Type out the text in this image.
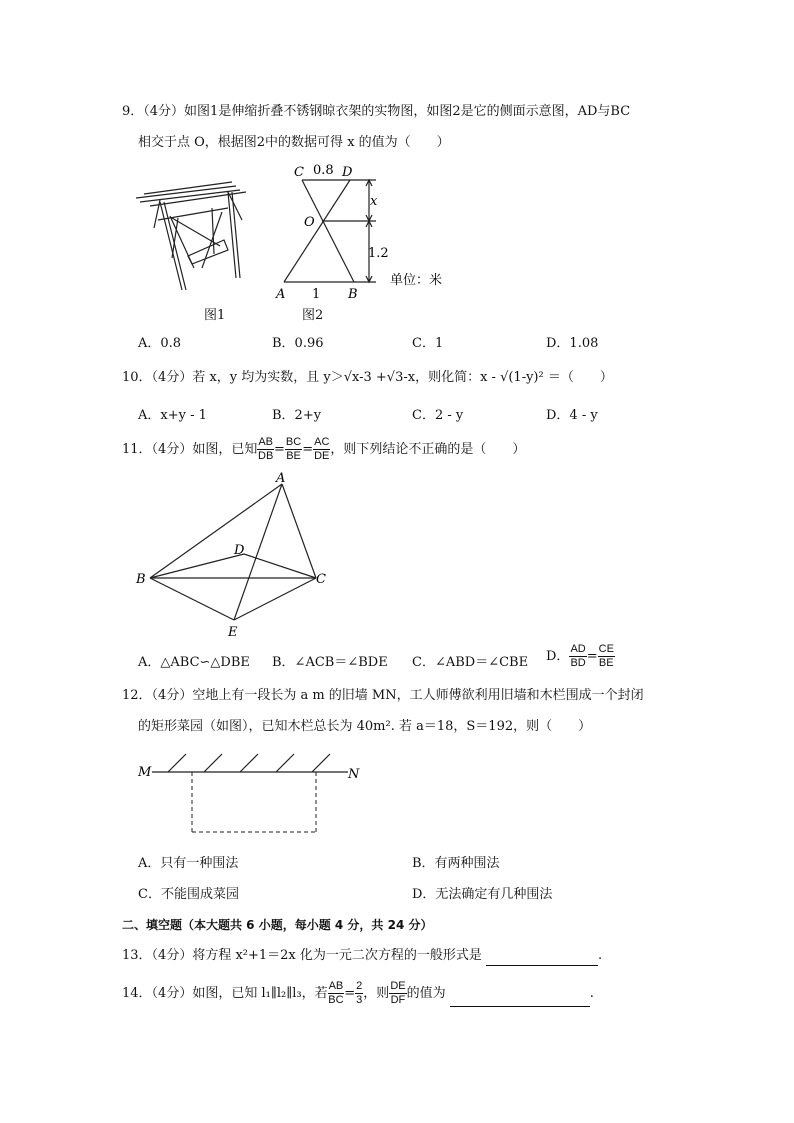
9．（4分）如图1是伸缩折叠不锈钢晾衣架的实物图，如图2是它的侧面示意图，AD与BC
相交于点 O，根据图2中的数据可得 x 的值为（　　）
图1
C 0.8 D
O
x
1.2
A 1 B
单位：米
图2
A．0.8	B．0.96	C．1	D．1.08
10．（4分）若 x，y 均为实数，且 y＞√x-3 +√3-x，则化简：x - √(1-y)² ＝（　　）
A．x+y - 1	B．2+y	C．2 - y	D．4 - y
11．（4分）如图，已知 $\frac{AB}{DB} = \frac{BC}{BE} = \frac{AC}{DE}$ ，则下列结论不正确的是（　　）
A
B	C
D
E
A．△ABC∽△DBE B．∠ACB＝∠BDE C．∠ABD＝∠CBE D． $\frac{AD}{BD} = \frac{CE}{BE}$
12．（4分）空地上有一段长为 a m 的旧墙 MN，工人师傅欲利用旧墙和木栏围成一个封闭
的矩形菜园（如图），已知木栏总长为 40m². 若 a＝18，S＝192，则（　　）
M	N
A．只有一种围法	B．有两种围法
C．不能围成菜园	D．无法确定有几种围法
二、填空题（本大题共 6 小题，每小题 4 分，共 24 分）
13．（4分）将方程 x²+1＝2x 化为一元二次方程的一般形式是	.
14．（4分）如图，已知 l₁∥l₂∥l₃，若 $\frac{AB}{BC} = \frac{2}{3}$ ，则 $\frac{DE}{DF}$ 的值为	.
